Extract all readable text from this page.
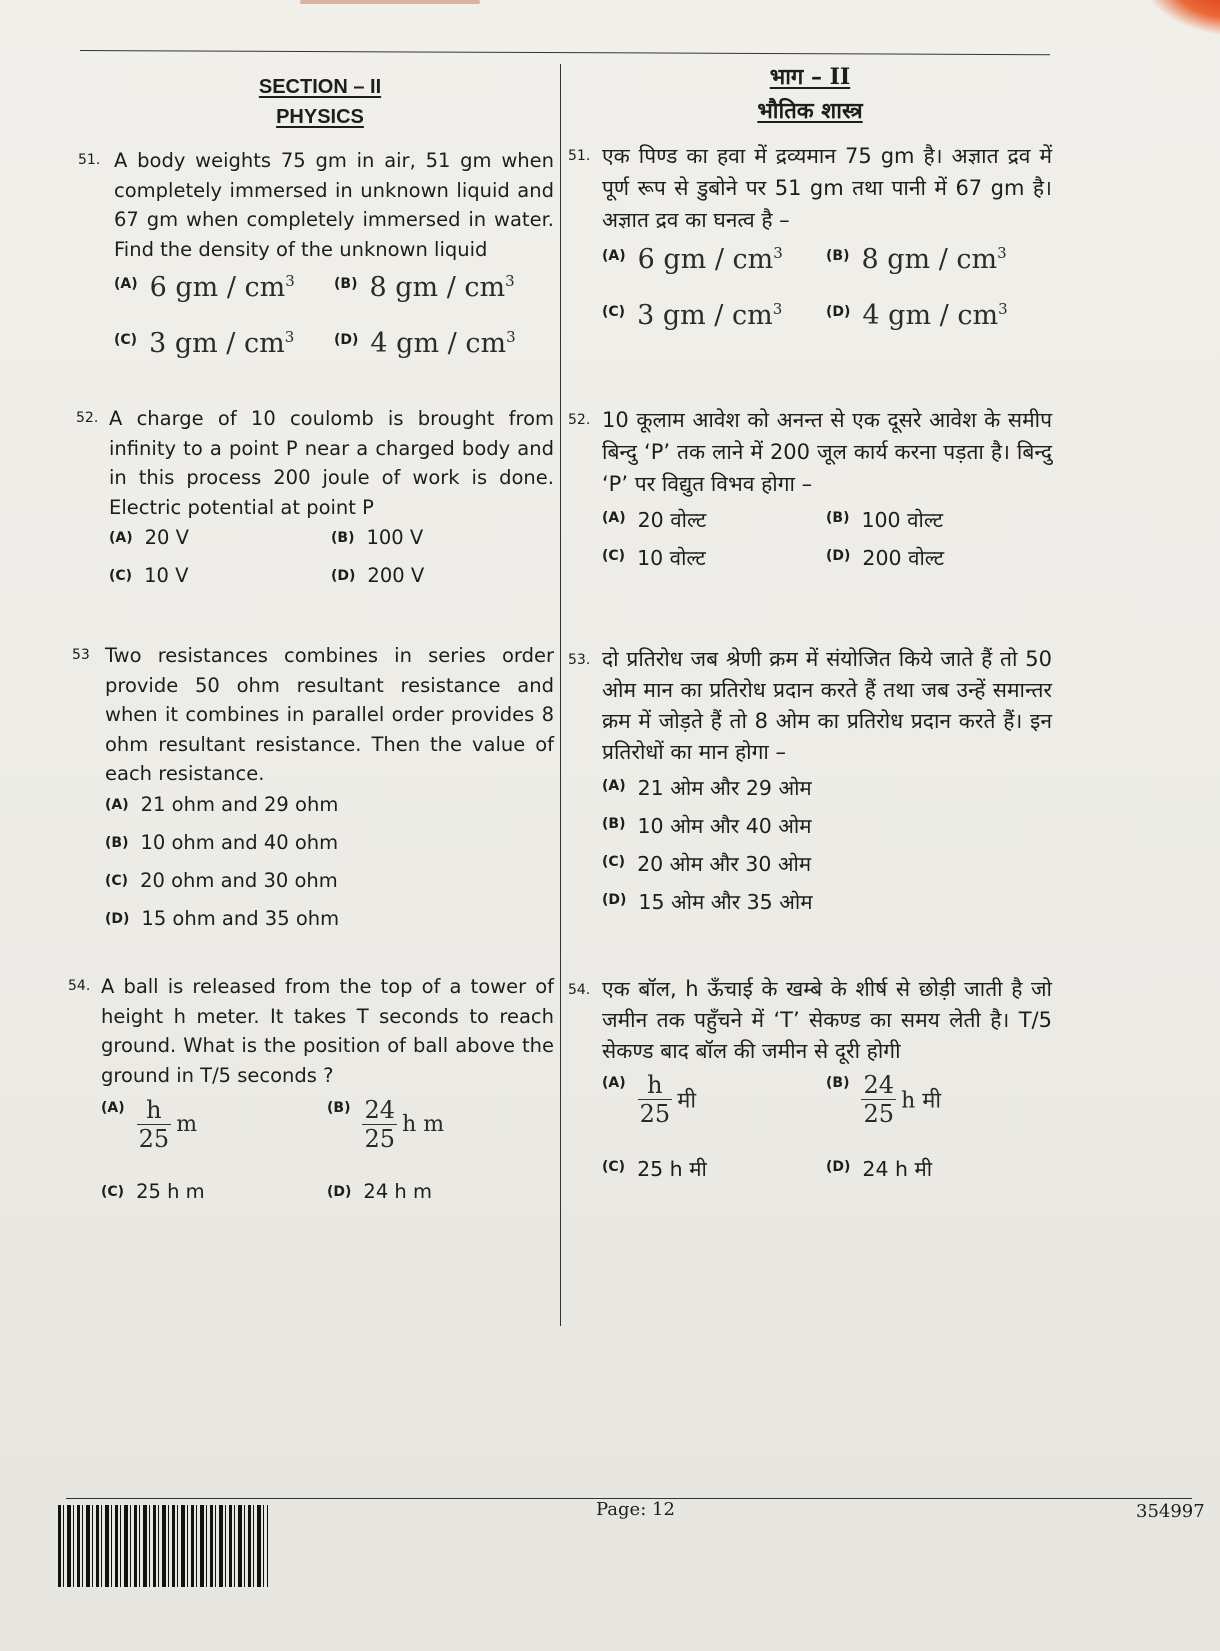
SECTION – II
PHYSICS
भाग – II
भौतिक शास्त्र
51. A body weights 75 gm in air, 51 gm when completely immersed in unknown liquid and 67 gm when completely immersed in water. Find the density of the unknown liquid
(A) 6 gm / $cm^3$	(B) 8 gm / $cm^3$
(C) 3 gm / $cm^3$	(D) 4 gm / $cm^3$
52. A charge of 10 coulomb is brought from infinity to a point P near a charged body and in this process 200 joule of work is done. Electric potential at point P
(A) 20 V	(B) 100 V
(C) 10 V	(D) 200 V
53 Two resistances combines in series order provide 50 ohm resultant resistance and when it combines in parallel order provides 8 ohm resultant resistance. Then the value of each resistance.
(A) 21 ohm and 29 ohm
(B) 10 ohm and 40 ohm
(C) 20 ohm and 30 ohm
(D) 15 ohm and 35 ohm
54. A ball is released from the top of a tower of height h meter. It takes T seconds to reach ground. What is the position of ball above the ground in T/5 seconds ?
$(A) \frac{h}{25}$ m
$(B) \frac{24}{25}$ h m
(C) 25 h m	(D) 24 h m
51. एक पिण्ड का हवा में द्रव्यमान 75 gm है। अज्ञात द्रव में पूर्ण रूप से डुबोने पर 51 gm तथा पानी में 67 gm है। अज्ञात द्रव का घनत्व है –
(A) 6 gm / $cm^3$	(B) 8 gm / $cm^3$
(C) 3 gm / $cm^3$	(D) 4 gm / $cm^3$
52. 10 कूलाम आवेश को अनन्त से एक दूसरे आवेश के समीप बिन्दु ‘P’ तक लाने में 200 जूल कार्य करना पड़ता है। बिन्दु ‘P’ पर विद्युत विभव होगा –
(A) 20 वोल्ट	(B) 100 वोल्ट
(C) 10 वोल्ट	(D) 200 वोल्ट
53. दो प्रतिरोध जब श्रेणी क्रम में संयोजित किये जाते हैं तो 50 ओम मान का प्रतिरोध प्रदान करते हैं तथा जब उन्हें समान्तर क्रम में जोड़ते हैं तो 8 ओम का प्रतिरोध प्रदान करते हैं। इन प्रतिरोधों का मान होगा –
(A) 21 ओम और 29 ओम
(B) 10 ओम और 40 ओम
(C) 20 ओम और 30 ओम
(D) 15 ओम और 35 ओम
54. एक बॉल, h ऊँचाई के खम्बे के शीर्ष से छोड़ी जाती है जो जमीन तक पहुँचने में ‘T’ सेकण्ड का समय लेती है। T/5 सेकण्ड बाद बॉल की जमीन से दूरी होगी
$(A) \frac{h}{25}$ मी
$(B) \frac{24}{25}$ h मी
(C) 25 h मी	(D) 24 h मी
Page: 12	354997
